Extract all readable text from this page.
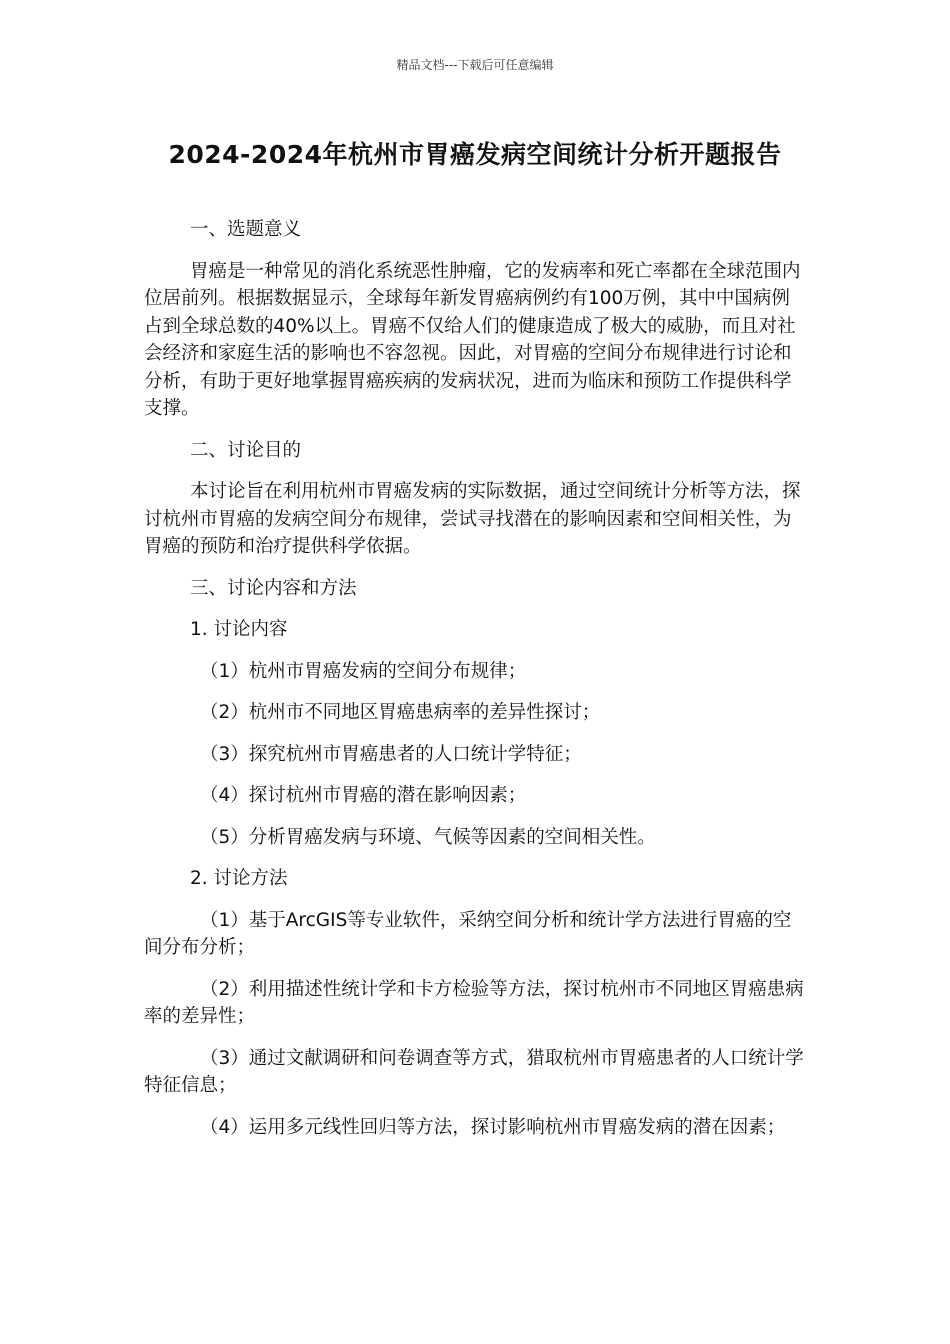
精品文档---下载后可任意编辑
2024-2024年杭州市胃癌发病空间统计分析开题报告

一、选题意义

胃癌是一种常见的消化系统恶性肿瘤，它的发病率和死亡率都在全球范围内位居前列。根据数据显示，全球每年新发胃癌病例约有100万例，其中中国病例占到全球总数的40%以上。胃癌不仅给人们的健康造成了极大的威胁，而且对社会经济和家庭生活的影响也不容忽视。因此，对胃癌的空间分布规律进行讨论和分析，有助于更好地掌握胃癌疾病的发病状况，进而为临床和预防工作提供科学支撑。

二、讨论目的

本讨论旨在利用杭州市胃癌发病的实际数据，通过空间统计分析等方法，探讨杭州市胃癌的发病空间分布规律，尝试寻找潜在的影响因素和空间相关性，为胃癌的预防和治疗提供科学依据。

三、讨论内容和方法

1. 讨论内容

（1）杭州市胃癌发病的空间分布规律；

（2）杭州市不同地区胃癌患病率的差异性探讨；

（3）探究杭州市胃癌患者的人口统计学特征；

（4）探讨杭州市胃癌的潜在影响因素；

（5）分析胃癌发病与环境、气候等因素的空间相关性。

2. 讨论方法

（1）基于ArcGIS等专业软件，采纳空间分析和统计学方法进行胃癌的空间分布分析；

（2）利用描述性统计学和卡方检验等方法，探讨杭州市不同地区胃癌患病率的差异性；

（3）通过文献调研和问卷调查等方式，猎取杭州市胃癌患者的人口统计学特征信息；

（4）运用多元线性回归等方法，探讨影响杭州市胃癌发病的潜在因素；
